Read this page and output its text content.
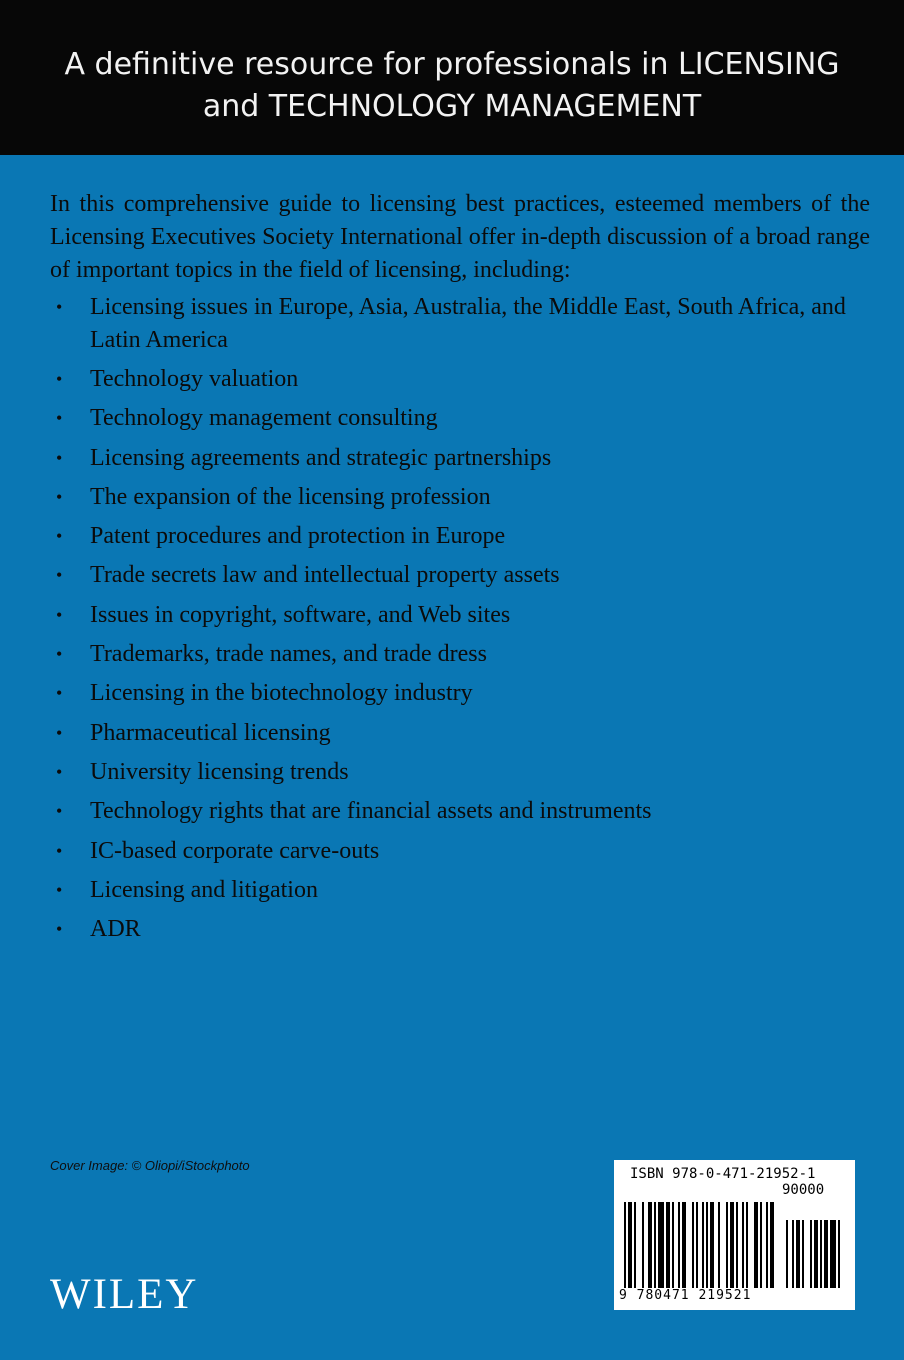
A definitive resource for professionals in LICENSING
and TECHNOLOGY MANAGEMENT

In this comprehensive guide to licensing best practices, esteemed members of the Licensing Executives Society International offer in-depth discussion of a broad range of important topics in the field of licensing, including:

• Licensing issues in Europe, Asia, Australia, the Middle East, South Africa, and Latin America
• Technology valuation
• Technology management consulting
• Licensing agreements and strategic partnerships
• The expansion of the licensing profession
• Patent procedures and protection in Europe
• Trade secrets law and intellectual property assets
• Issues in copyright, software, and Web sites
• Trademarks, trade names, and trade dress
• Licensing in the biotechnology industry
• Pharmaceutical licensing
• University licensing trends
• Technology rights that are financial assets and instruments
• IC-based corporate carve-outs
• Licensing and litigation
• ADR
Cover Image: © Oliopi/iStockphoto
WILEY
ISBN 978-0-471-21952-1
90000
9 780471 219521
